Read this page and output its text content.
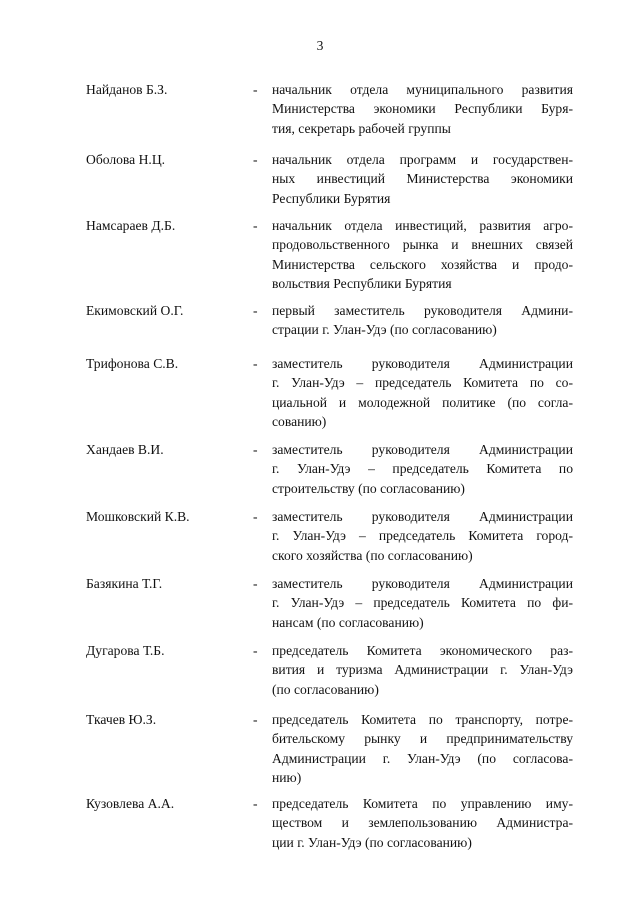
3
Найданов Б.З.	- начальник отдела муниципального развития
Министерства экономики Республики Буря-
тия, секретарь рабочей группы
Оболова Н.Ц.	- начальник отдела программ и государствен-
ных инвестиций Министерства экономики
Республики Бурятия
Намсараев Д.Б.	- начальник отдела инвестиций, развития агро-
продовольственного рынка и внешних связей
Министерства сельского хозяйства и продо-
вольствия Республики Бурятия
Екимовский О.Г.	- первый заместитель руководителя Админи-
страции г. Улан-Удэ (по согласованию)
Трифонова С.В.	- заместитель руководителя Администрации
г. Улан-Удэ – председатель Комитета по со-
циальной и молодежной политике (по согла-
сованию)
Хандаев В.И.	- заместитель руководителя Администрации
г. Улан-Удэ – председатель Комитета по
строительству (по согласованию)
Мошковский К.В.	- заместитель руководителя Администрации
г. Улан-Удэ – председатель Комитета город-
ского хозяйства (по согласованию)
Базякина Т.Г.	- заместитель руководителя Администрации
г. Улан-Удэ – председатель Комитета по фи-
нансам (по согласованию)
Дугарова Т.Б.	- председатель Комитета экономического раз-
вития и туризма Администрации г. Улан-Удэ
(по согласованию)
Ткачев Ю.З.	- председатель Комитета по транспорту, потре-
бительскому рынку и предпринимательству
Администрации г. Улан-Удэ (по согласова-
нию)
Кузовлева А.А.	- председатель Комитета по управлению иму-
ществом и землепользованию Администра-
ции г. Улан-Удэ (по согласованию)
